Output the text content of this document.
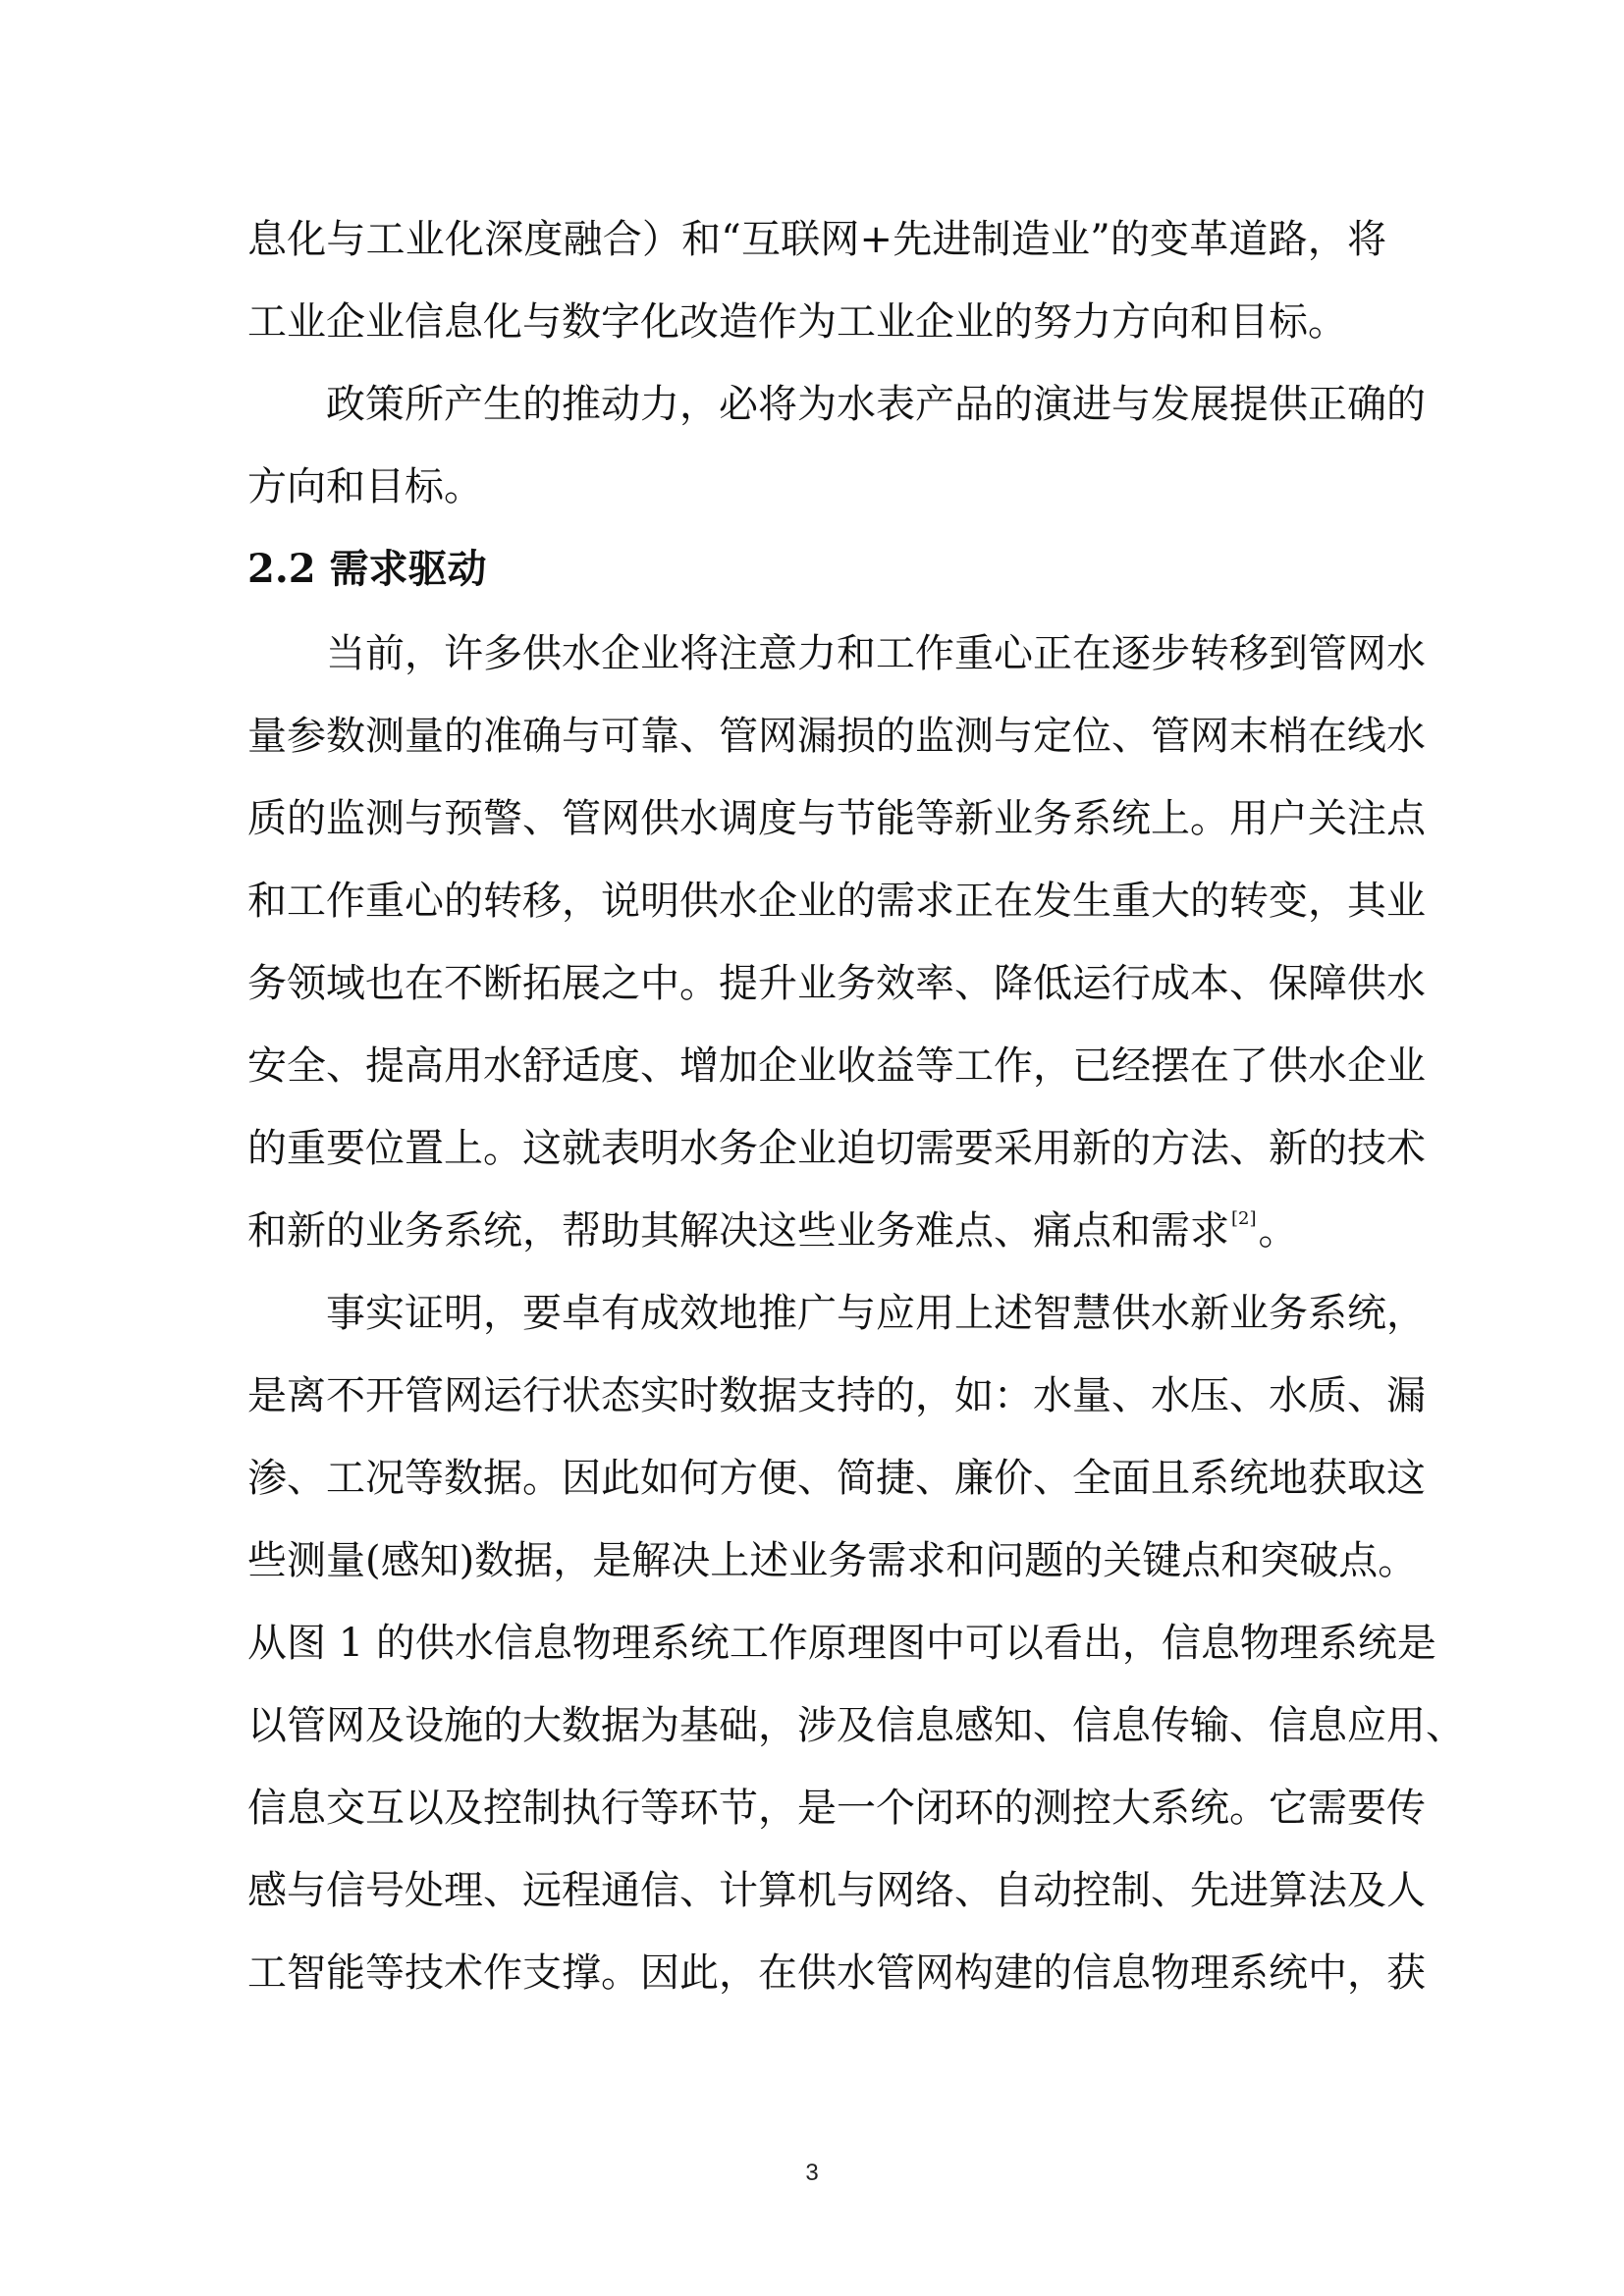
息化与工业化深度融合）和“互联网+先进制造业”的变革道路，将
工业企业信息化与数字化改造作为工业企业的努力方向和目标。
政策所产生的推动力，必将为水表产品的演进与发展提供正确的
方向和目标。
2.2 需求驱动
当前，许多供水企业将注意力和工作重心正在逐步转移到管网水
量参数测量的准确与可靠、管网漏损的监测与定位、管网末梢在线水
质的监测与预警、管网供水调度与节能等新业务系统上。用户关注点
和工作重心的转移，说明供水企业的需求正在发生重大的转变，其业
务领域也在不断拓展之中。提升业务效率、降低运行成本、保障供水
安全、提高用水舒适度、增加企业收益等工作，已经摆在了供水企业
的重要位置上。这就表明水务企业迫切需要采用新的方法、新的技术
和新的业务系统，帮助其解决这些业务难点、痛点和需求 [2]。
事实证明，要卓有成效地推广与应用上述智慧供水新业务系统，
是离不开管网运行状态实时数据支持的，如：水量、水压、水质、漏
渗、工况等数据。因此如何方便、简捷、廉价、全面且系统地获取这
些测量(感知)数据，是解决上述业务需求和问题的关键点和突破点。
从图 1 的供水信息物理系统工作原理图中可以看出，信息物理系统是
以管网及设施的大数据为基础，涉及信息感知、信息传输、信息应用、
信息交互以及控制执行等环节，是一个闭环的测控大系统。它需要传
感与信号处理、远程通信、计算机与网络、自动控制、先进算法及人
工智能等技术作支撑。因此，在供水管网构建的信息物理系统中，获
3
